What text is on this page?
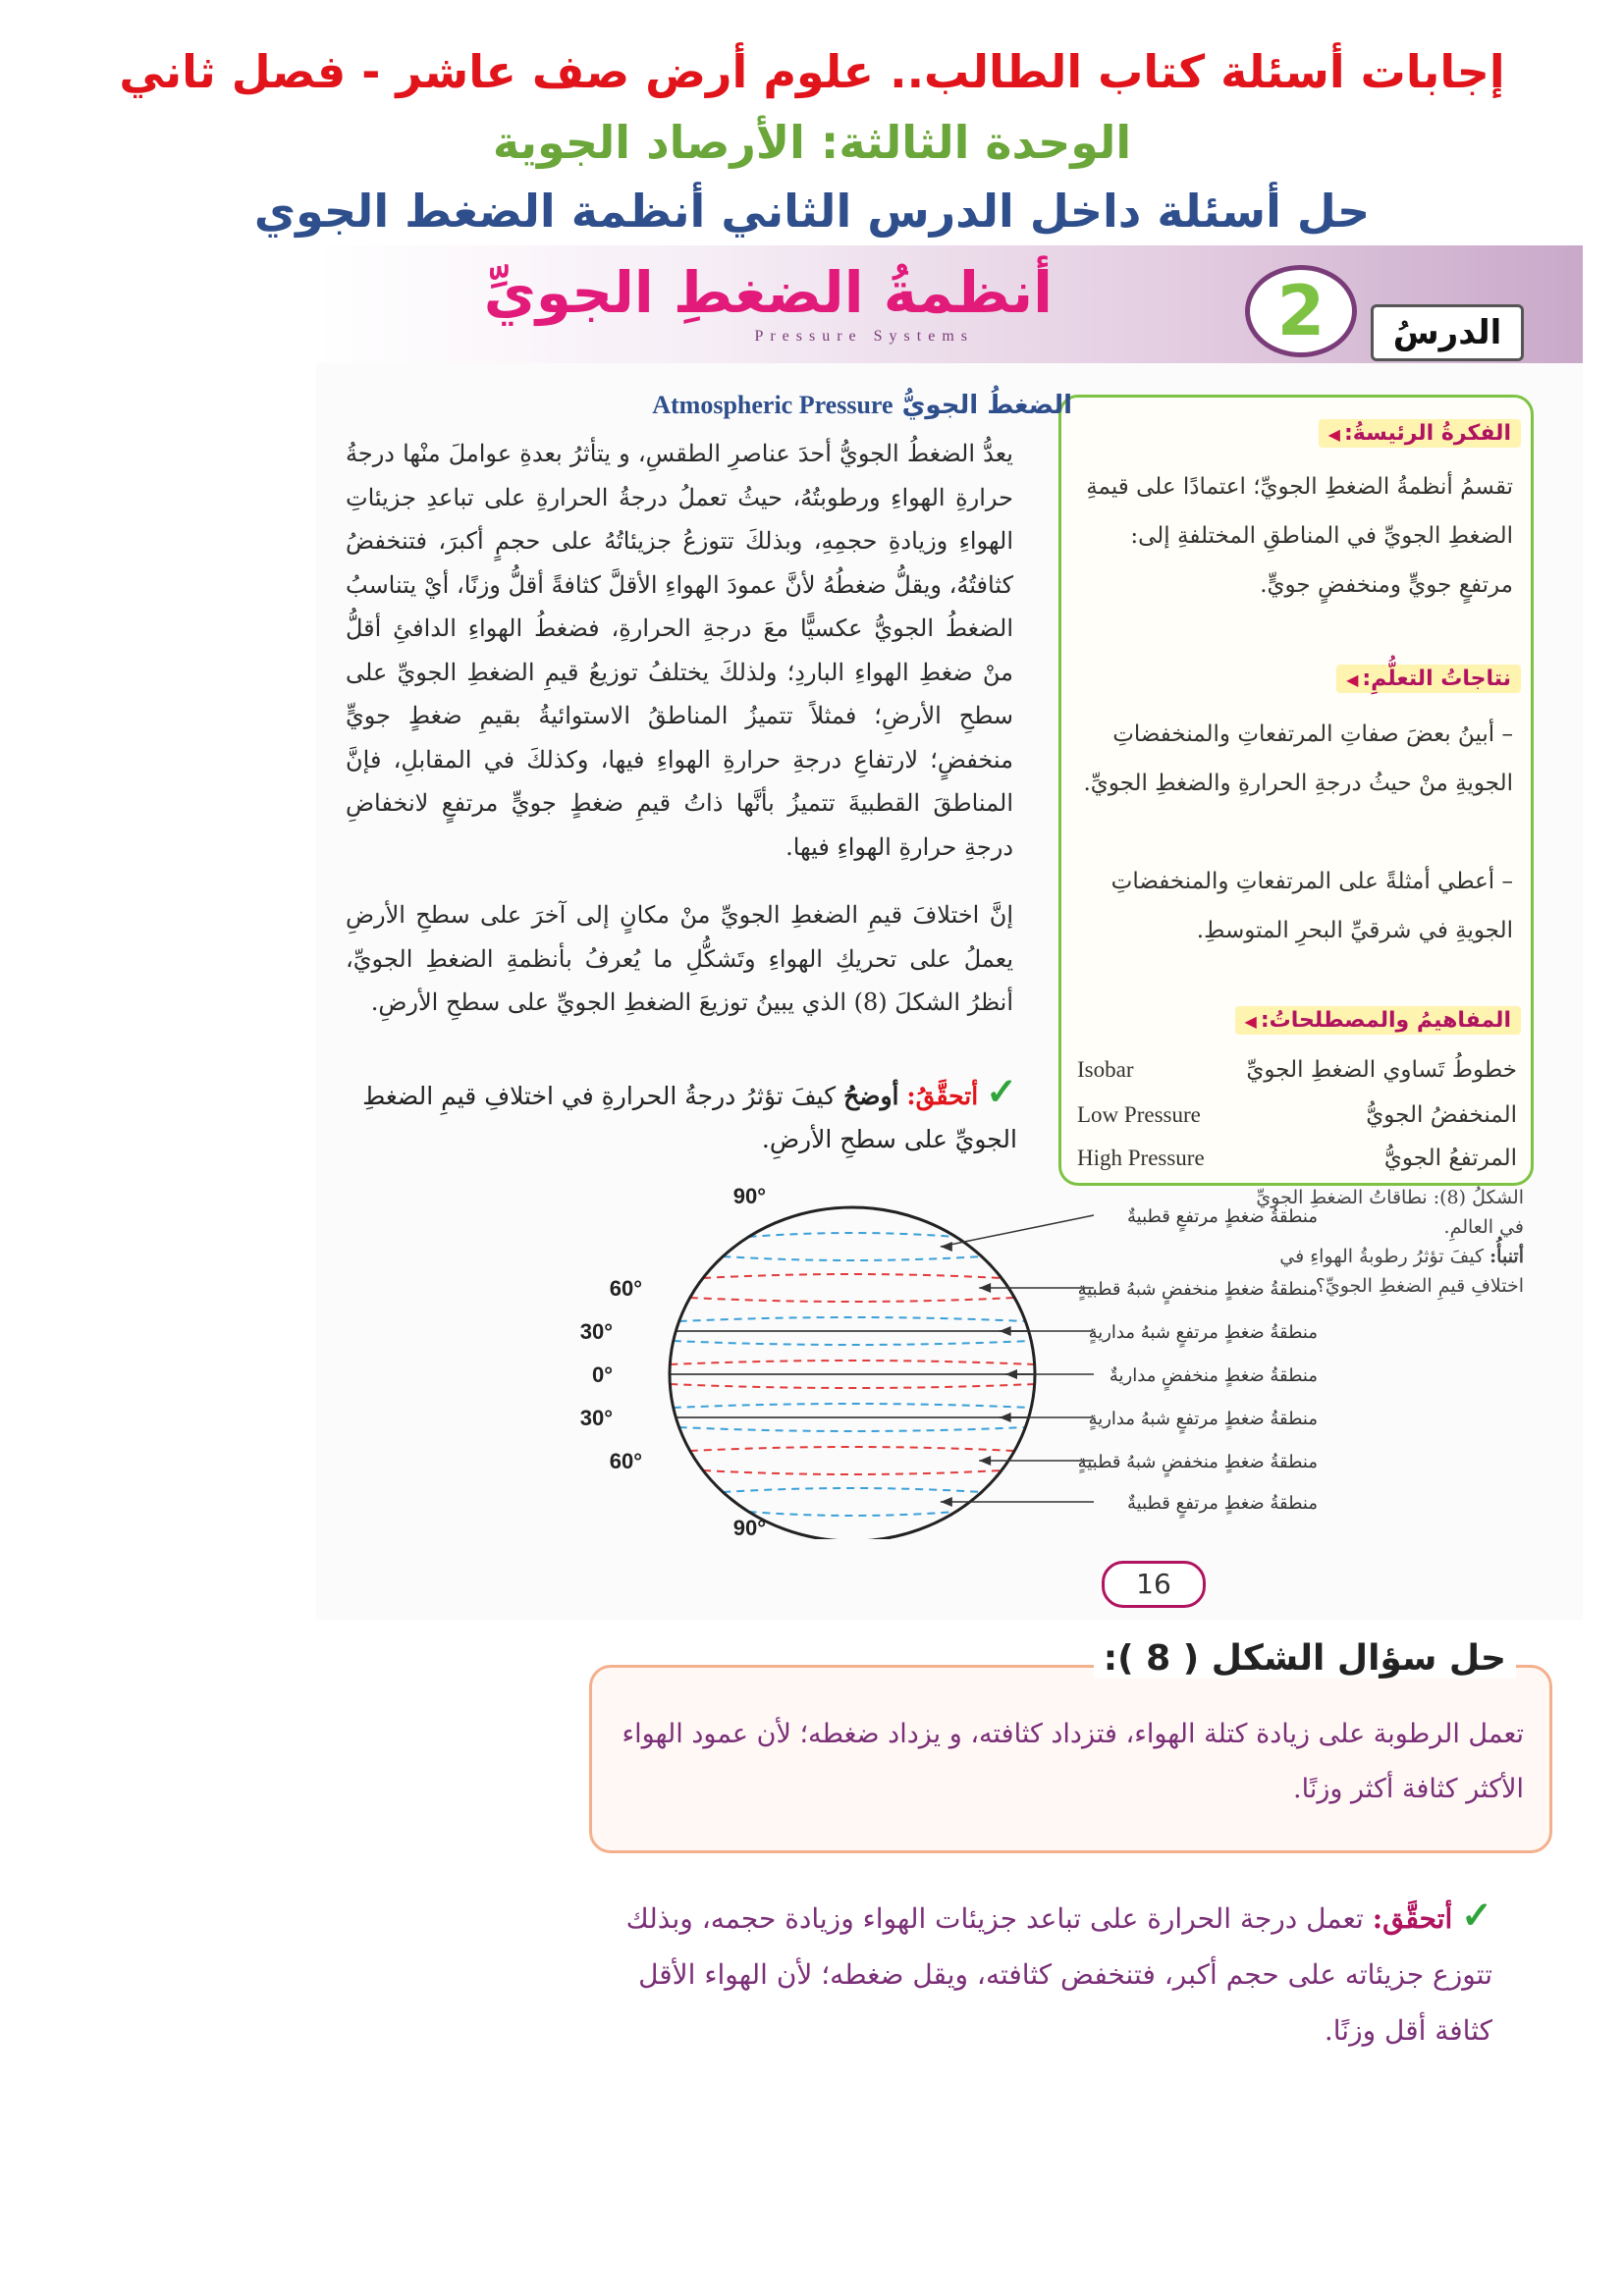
إجابات أسئلة كتاب الطالب.. علوم أرض صف عاشر - فصل ثاني
الوحدة الثالثة: الأرصاد الجوية
حل أسئلة داخل الدرس الثاني أنظمة الضغط الجوي
أنظمةُ الضغطِ الجويِّ
Pressure Systems	2	الدرسُ
الفكرةُ الرئيسةُ: ◀
تقسمُ أنظمةُ الضغطِ الجويِّ؛ اعتمادًا على قيمةِ الضغطِ الجويِّ في المناطقِ المختلفةِ إلى: مرتفعٍ جويٍّ ومنخفضٍ جويٍّ.
نتاجاتُ التعلُّمِ: ◀
– أبينُ بعضَ صفاتِ المرتفعاتِ والمنخفضاتِ الجويةِ منْ حيثُ درجةِ الحرارةِ والضغطِ الجويِّ.
– أعطي أمثلةً على المرتفعاتِ والمنخفضاتِ الجويةِ في شرقيِّ البحرِ المتوسطِ.
المفاهيمُ والمصطلحاتُ: ◀
خطوطُ تَساوي الضغطِ الجويِّ
Isobar
المنخفضُ الجويُّ
Low Pressure
المرتفعُ الجويُّ
High Pressure
الضغطُ الجويُّ Atmospheric Pressure
يعدُّ الضغطُ الجويُّ أحدَ عناصرِ الطقسِ، و يتأثرُ بعدةِ عواملَ منْها درجةُ حرارةِ الهواءِ ورطوبتُهُ، حيثُ تعملُ درجةُ الحرارةِ على تباعدِ جزيئاتِ الهواءِ وزيادةِ حجمِهِ، وبذلكَ تتوزعُ جزيئاتُهُ على حجمٍ أكبرَ، فتنخفضُ كثافتُهُ، ويقلُّ ضغطُهُ لأنَّ عمودَ الهواءِ الأقلَّ كثافةً أقلُّ وزنًا، أيْ يتناسبُ الضغطُ الجويُّ عكسيًّا معَ درجةِ الحرارةِ، فضغطُ الهواءِ الدافئِ أقلُّ منْ ضغطِ الهواءِ الباردِ؛ ولذلكَ يختلفُ توزيعُ قيمِ الضغطِ الجويِّ على سطحِ الأرضِ؛ فمثلاً تتميزُ المناطقُ الاستوائيةُ بقيمِ ضغطٍ جويٍّ منخفضٍ؛ لارتفاعِ درجةِ حرارةِ الهواءِ فيها، وكذلكَ في المقابلِ، فإنَّ المناطقَ القطبيةَ تتميزُ بأنَّها ذاتُ قيمِ ضغطٍ جويٍّ مرتفعٍ لانخفاضِ درجةِ حرارةِ الهواءِ فيها.
إنَّ اختلافَ قيمِ الضغطِ الجويِّ منْ مكانٍ إلى آخرَ على سطحِ الأرضِ يعملُ على تحريكِ الهواءِ وتَشكُّلِ ما يُعرفُ بأنظمةِ الضغطِ الجويِّ، أنظرُ الشكلَ (8) الذي يبينُ توزيعَ الضغطِ الجويِّ على سطحِ الأرضِ.
✓ أتحقَّقُ: أوضحُ كيفَ تؤثرُ درجةُ الحرارةِ في اختلافِ قيمِ الضغطِ الجويِّ على سطحِ الأرضِ.
الشكلُ (8): نطاقاتُ الضغطِ الجويِّ في العالمِ.
أتنبأُ: كيفَ تؤثرُ رطوبةُ الهواءِ في اختلافِ قيمِ الضغطِ الجويِّ؟
90°
60°
30°
0°
30°
60°
90°
منطقةُ ضغطٍ مرتفعٍ قطبيةٌ
منطقةُ ضغطٍ منخفضٍ شبهُ قطبيةٍ
منطقةُ ضغطٍ مرتفعٍ شبهُ مداريةٍ
منطقةُ ضغطٍ منخفضٍ مداريةٌ
منطقةُ ضغطٍ مرتفعٍ شبهُ مداريةٍ
منطقةُ ضغطٍ منخفضٍ شبهُ قطبيةٍ
منطقةُ ضغطٍ مرتفعٍ قطبيةٌ
16
حل سؤال الشكل ( 8 ):
تعمل الرطوبة على زيادة كتلة الهواء، فتزداد كثافته، و يزداد ضغطه؛ لأن عمود الهواء الأكثر كثافة أكثر وزنًا.
✓ أتحقَّق: تعمل درجة الحرارة على تباعد جزيئات الهواء وزيادة حجمه، وبذلك تتوزع جزيئاته على حجم أكبر، فتنخفض كثافته، ويقل ضغطه؛ لأن الهواء الأقل كثافة أقل وزنًا.
